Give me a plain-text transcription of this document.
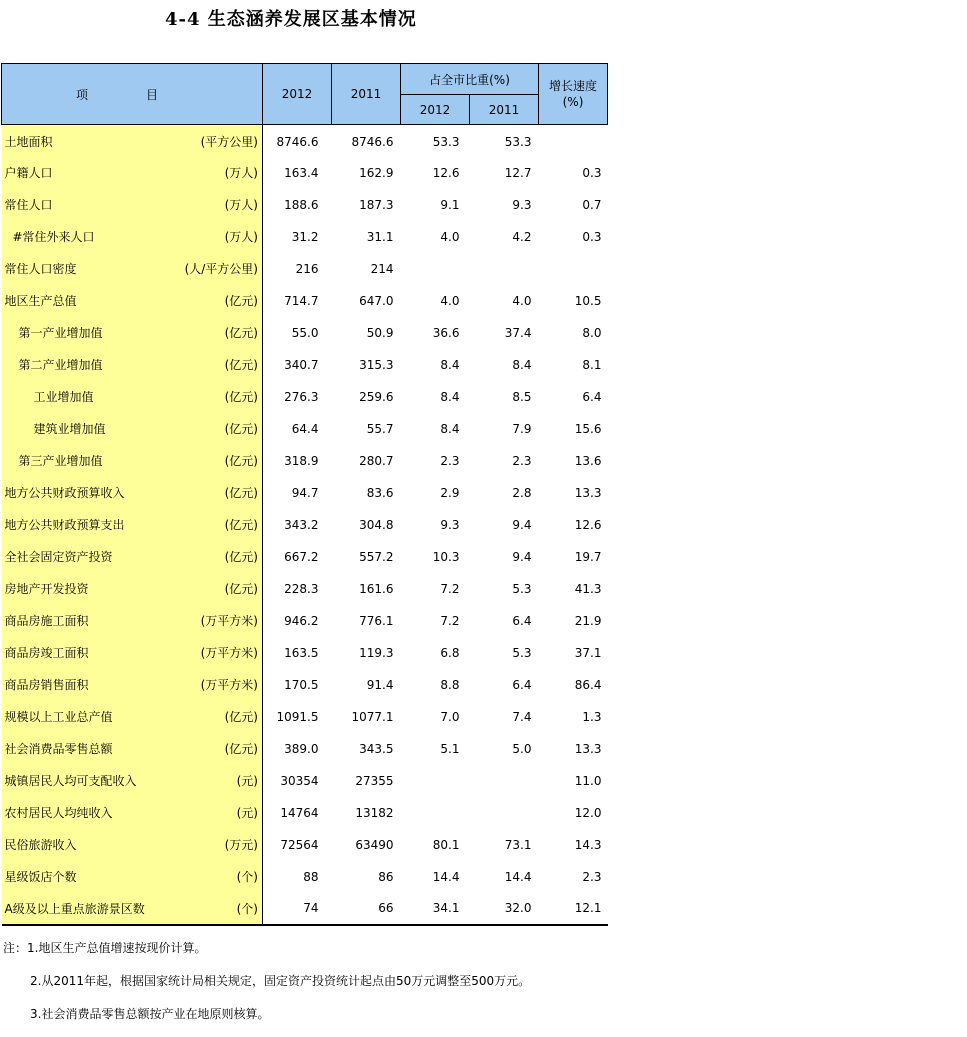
4-4 生态涵养发展区基本情况
项 目	2012	2011	占全市比重(%)		增长速度
(%)

			2012	2011	

土地面积 (平方公里)	8746.6	8746.6	53.3	53.3	

户籍人口 (万人)	163.4	162.9	12.6	12.7	0.3

常住人口 (万人)	188.6	187.3	9.1	9.3	0.7

#常住外来人口 (万人)	31.2	31.1	4.0	4.2	0.3

常住人口密度 (人/平方公里)	216	214			

地区生产总值 (亿元)	714.7	647.0	4.0	4.0	10.5

第一产业增加值 (亿元)	55.0	50.9	36.6	37.4	8.0

第二产业增加值 (亿元)	340.7	315.3	8.4	8.4	8.1

工业增加值 (亿元)	276.3	259.6	8.4	8.5	6.4

建筑业增加值 (亿元)	64.4	55.7	8.4	7.9	15.6

第三产业增加值 (亿元)	318.9	280.7	2.3	2.3	13.6

地方公共财政预算收入 (亿元)	94.7	83.6	2.9	2.8	13.3

地方公共财政预算支出 (亿元)	343.2	304.8	9.3	9.4	12.6

全社会固定资产投资 (亿元)	667.2	557.2	10.3	9.4	19.7

房地产开发投资 (亿元)	228.3	161.6	7.2	5.3	41.3

商品房施工面积 (万平方米)	946.2	776.1	7.2	6.4	21.9

商品房竣工面积 (万平方米)	163.5	119.3	6.8	5.3	37.1

商品房销售面积 (万平方米)	170.5	91.4	8.8	6.4	86.4

规模以上工业总产值 (亿元)	1091.5	1077.1	7.0	7.4	1.3

社会消费品零售总额 (亿元)	389.0	343.5	5.1	5.0	13.3

城镇居民人均可支配收入 (元)	30354	27355			11.0

农村居民人均纯收入 (元)	14764	13182			12.0

民俗旅游收入 (万元)	72564	63490	80.1	73.1	14.3

星级饭店个数 (个)	88	86	14.4	14.4	2.3

A级及以上重点旅游景区数 (个)	74	66	34.1	32.0	12.1
注：1.地区生产总值增速按现价计算。
2.从2011年起，根据国家统计局相关规定，固定资产投资统计起点由50万元调整至500万元。
3.社会消费品零售总额按产业在地原则核算。
